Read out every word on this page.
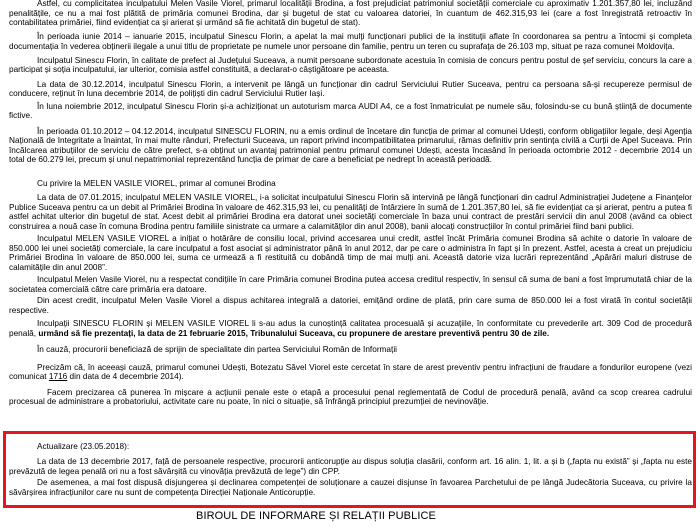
Astfel, cu complicitatea inculpatului Melen Vasile Viorel, primarul localității Brodina, a fost prejudiciat patrimoniul societății comerciale cu aproximativ 1.201.357,80 lei, incluzând penalitățile, ce nu a mai fost plătită de primăria comunei Brodina, dar și bugetul de stat cu valoarea datoriei, în cuantum de 462.315,93 lei (care a fost înregistrată retroactiv în contabilitatea primăriei, fiind evidențiat ca și arierat și urmând să fie achitată din bugetul de stat).

În perioada iunie 2014 – ianuarie 2015, inculpatul Sinescu Florin, a apelat la mai mulți funcționari publici de la instituții aflate în coordonarea sa pentru a întocmi și completa documentația în vederea obținerii ilegale a unui titlu de proprietate pe numele unor persoane din familie, pentru un teren cu suprafața de 26.103 mp, situat pe raza comunei Moldovița.

Inculpatul Sinescu Florin, în calitate de prefect al Județului Suceava, a numit persoane subordonate acestuia în comisia de concurs pentru postul de șef serviciu, concurs la care a participat și soția inculpatului, iar ulterior, comisia astfel constituită, a declarat-o câștigătoare pe aceasta.

La data de 30.12.2014, inculpatul Sinescu Florin, a intervenit pe lângă un funcționar din cadrul Serviciului Rutier Suceava, pentru ca persoana să-și recupereze permisul de conducere, reținut în luna decembrie 2014, de polițiști din cadrul Serviciului Rutier Iași.

În luna noiembrie 2012, inculpatul Sinescu Florin și-a achiziționat un autoturism marca AUDI A4, ce a fost înmatriculat pe numele său, folosindu-se cu bună știință de documente fictive.

În perioada 01.10.2012 – 04.12.2014, inculpatul SINESCU FLORIN, nu a emis ordinul de încetare din funcția de primar al comunei Udești, conform obligațiilor legale, deși Agenția Națională de Integritate a înaintat, în mai multe rânduri, Prefecturii Suceava, un raport privind incompatibilitatea primarului, rămas definitiv prin sentința civilă a Curții de Apel Suceava. Prin încălcarea atribuțiilor de serviciu de către prefect, s-a obținut un avantaj patrimonial pentru primarul comunei Udești, acesta încasând în perioada octombrie 2012 - decembrie 2014 un total de 60.279 lei, precum și unul nepatrimonial reprezentând funcția de primar de care a beneficiat pe nedrept în această perioadă.

Cu privire la MELEN VASILE VIOREL, primar al comunei Brodina

La data de 07.01.2015, inculpatul MELEN VASILE VIOREL, i-a solicitat inculpatului Sinescu Florin să intervină pe lângă funcționari din cadrul Administrației Județene a Finanțelor Publice Suceava pentru ca un debit al Primăriei Brodina în valoare de 462.315,93 lei, cu penalități de întârziere în sumă de 1.201.357,80 lei, să fie evidențiat ca și arierat, pentru a putea fi astfel achitat ulterior din bugetul de stat. Acest debit al primăriei Brodina era datorat unei societăți comerciale în baza unui contract de prestări servicii din anul 2008 (având ca obiect construirea a nouă case în comuna Brodina pentru familiile sinistrate ca urmare a calamităților din anul 2008), banii alocați construcțiilor în contul primăriei fiind bani publici.

Inculpatul MELEN VASILE VIOREL a inițiat o hotărâre de consiliu local, privind accesarea unui credit, astfel încât Primăria comunei Brodina să achite o datorie în valoare de 850.000 lei unei societăți comerciale, la care inculpatul a fost asociat și administrator până în anul 2012, dar pe care o administra în fapt și în prezent. Astfel, acesta a creat un prejudiciu Primăriei Brodina în valoare de 850.000 lei, suma ce urmează a fi restituită cu dobândă timp de mai mulți ani. Această datorie viza lucrări reprezentând „Apărări maluri distruse de calamitățile din anul 2008”.

Inculpatul Melen Vasile Viorel, nu a respectat condițiile în care Primăria comunei Brodina putea accesa creditul respectiv, în sensul că suma de bani a fost împrumutată chiar de la societatea comercială către care primăria era datoare.

Din acest credit, inculpatul Melen Vasile Viorel a dispus achitarea integrală a datoriei, emițând ordine de plată, prin care suma de 850.000 lei a fost virată în contul societății respective.

Inculpații SINESCU FLORIN și MELEN VASILE VIOREL li s-au adus la cunoștință calitatea procesuală și acuzațiile, în conformitate cu prevederile art. 309 Cod de procedură penală, urmând să fie prezentați, la data de 21 februarie 2015, Tribunalului Suceava, cu propunere de arestare preventivă pentru 30 de zile.

În cauză, procurorii beneficiază de sprijin de specialitate din partea Serviciului Român de Informații

Precizăm că, în aceeași cauză, primarul comunei Udești, Botezatu Săvel Viorel este cercetat în stare de arest preventiv pentru infracțiuni de fraudare a fondurilor europene (vezi comunicat 1716 din data de 4 decembrie 2014).

Facem precizarea că punerea în mișcare a acțiunii penale este o etapă a procesului penal reglementată de Codul de procedură penală, având ca scop crearea cadrului procesual de administrare a probatoriului, activitate care nu poate, în nici o situație, să înfrângă principiul prezumției de nevinovăție.

Actualizare (23.05.2018):

La data de 13 decembrie 2017, față de persoanele respective, procurorii anticorupție au dispus soluția clasării, conform art. 16 alin. 1, lit. a și b („fapta nu există” și „fapta nu este prevăzută de legea penală ori nu a fost săvârșită cu vinovăția prevăzută de lege”) din CPP.

De asemenea, a mai fost dispusă disjungerea și declinarea competenței de soluționare a cauzei disjunse în favoarea Parchetului de pe lângă Judecătoria Suceava, cu privire la săvârșirea infracțiunilor care nu sunt de competența Direcției Naționale Anticorupție.

BIROUL DE INFORMARE ȘI RELAȚII PUBLICE
